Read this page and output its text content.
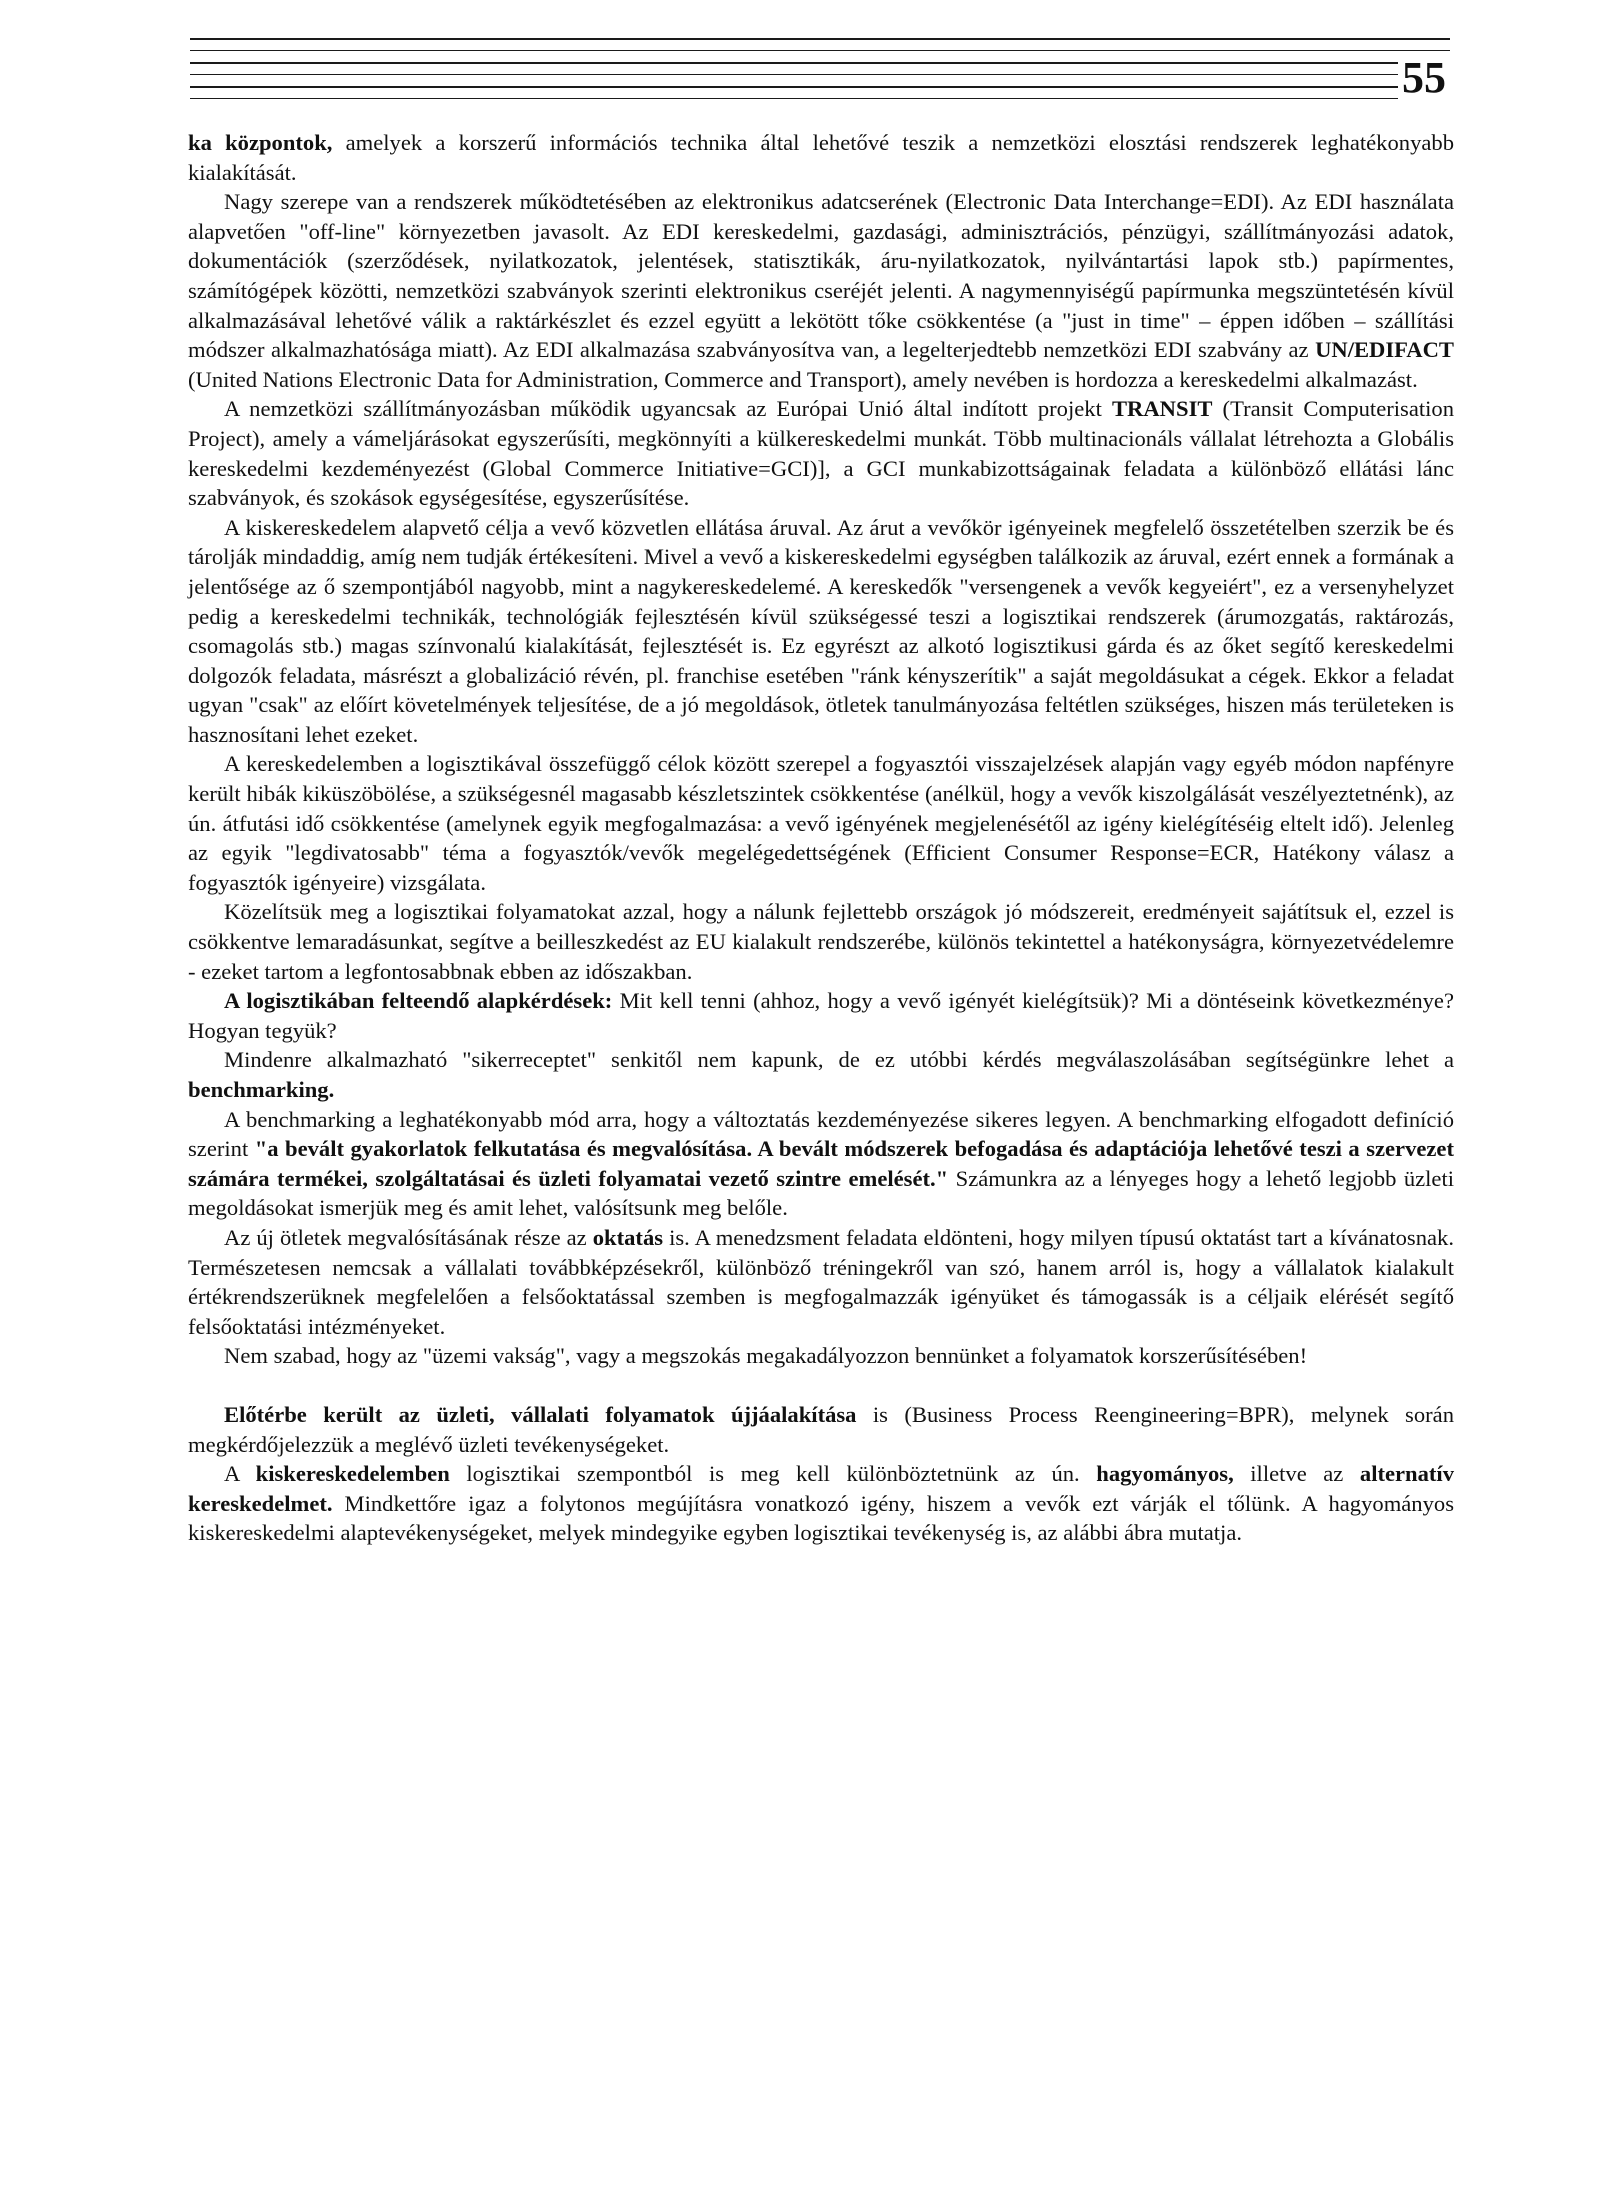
55

ka központok, amelyek a korszerű információs technika által lehetővé teszik a nemzetközi elosztási rendszerek leghatékonyabb kialakítását.

Nagy szerepe van a rendszerek működtetésében az elektronikus adatcserének (Electronic Data Interchange=EDI). Az EDI használata alapvetően "off-line" környezetben javasolt. Az EDI kereskedelmi, gazdasági, adminisztrációs, pénzügyi, szállítmányozási adatok, dokumentációk (szerződések, nyilatkozatok, jelentések, statisztikák, áru-nyilatkozatok, nyilvántartási lapok stb.) papírmentes, számítógépek közötti, nemzetközi szabványok szerinti elektronikus cseréjét jelenti. A nagymennyiségű papírmunka megszüntetésén kívül alkalmazásával lehetővé válik a raktárkészlet és ezzel együtt a lekötött tőke csökkentése (a "just in time" – éppen időben – szállítási módszer alkalmazhatósága miatt). Az EDI alkalmazása szabványosítva van, a legelterjedtebb nemzetközi EDI szabvány az UN/EDIFACT (United Nations Electronic Data for Administration, Commerce and Transport), amely nevében is hordozza a kereskedelmi alkalmazást.

A nemzetközi szállítmányozásban működik ugyancsak az Európai Unió által indított projekt TRANSIT (Transit Computerisation Project), amely a vámeljárásokat egyszerűsíti, megkönnyíti a külkereskedelmi munkát. Több multinacionáls vállalat létrehozta a Globális kereskedelmi kezdeményezést (Global Commerce Initiative=GCI)], a GCI munkabizottságainak feladata a különböző ellátási lánc szabványok, és szokások egységesítése, egyszerűsítése.

A kiskereskedelem alapvető célja a vevő közvetlen ellátása áruval. Az árut a vevőkör igényeinek megfelelő összetételben szerzik be és tárolják mindaddig, amíg nem tudják értékesíteni. Mivel a vevő a kiskereskedelmi egységben találkozik az áruval, ezért ennek a formának a jelentősége az ő szempontjából nagyobb, mint a nagykereskedelemé. A kereskedők "versengenek a vevők kegyeiért", ez a versenyhelyzet pedig a kereskedelmi technikák, technológiák fejlesztésén kívül szükségessé teszi a logisztikai rendszerek (árumozgatás, raktározás, csomagolás stb.) magas színvonalú kialakítását, fejlesztését is. Ez egyrészt az alkotó logisztikusi gárda és az őket segítő kereskedelmi dolgozók feladata, másrészt a globalizáció révén, pl. franchise esetében "ránk kényszerítik" a saját megoldásukat a cégek. Ekkor a feladat ugyan "csak" az előírt követelmények teljesítése, de a jó megoldások, ötletek tanulmányozása feltétlen szükséges, hiszen más területeken is hasznosítani lehet ezeket.

A kereskedelemben a logisztikával összefüggő célok között szerepel a fogyasztói visszajelzések alapján vagy egyéb módon napfényre került hibák kiküszöbölése, a szükségesnél magasabb készletszintek csökkentése (anélkül, hogy a vevők kiszolgálását veszélyeztetnénk), az ún. átfutási idő csökkentése (amelynek egyik megfogalmazása: a vevő igényének megjelenésétől az igény kielégítéséig eltelt idő). Jelenleg az egyik "legdivatosabb" téma a fogyasztók/vevők megelégedettségének (Efficient Consumer Response=ECR, Hatékony válasz a fogyasztók igényeire) vizsgálata.

Közelítsük meg a logisztikai folyamatokat azzal, hogy a nálunk fejlettebb országok jó módszereit, eredményeit sajátítsuk el, ezzel is csökkentve lemaradásunkat, segítve a beilleszkedést az EU kialakult rendszerébe, különös tekintettel a hatékonyságra, környezetvédelemre - ezeket tartom a legfontosabbnak ebben az időszakban.

A logisztikában felteendő alapkérdések: Mit kell tenni (ahhoz, hogy a vevő igényét kielégítsük)? Mi a döntéseink következménye? Hogyan tegyük?

Mindenre alkalmazható "sikerreceptet" senkitől nem kapunk, de ez utóbbi kérdés megválaszolásában segítségünkre lehet a benchmarking.

A benchmarking a leghatékonyabb mód arra, hogy a változtatás kezdeményezése sikeres legyen. A benchmarking elfogadott definíció szerint "a bevált gyakorlatok felkutatása és megvalósítása. A bevált módszerek befogadása és adaptációja lehetővé teszi a szervezet számára termékei, szolgáltatásai és üzleti folyamatai vezető szintre emelését." Számunkra az a lényeges hogy a lehető legjobb üzleti megoldásokat ismerjük meg és amit lehet, valósítsunk meg belőle.

Az új ötletek megvalósításának része az oktatás is. A menedzsment feladata eldönteni, hogy milyen típusú oktatást tart a kívánatosnak. Természetesen nemcsak a vállalati továbbképzésekről, különböző tréningekről van szó, hanem arról is, hogy a vállalatok kialakult értékrendszerüknek megfelelően a felsőoktatással szemben is megfogalmazzák igényüket és támogassák is a céljaik elérését segítő felsőoktatási intézményeket.

Nem szabad, hogy az "üzemi vakság", vagy a megszokás megakadályozzon bennünket a folyamatok korszerűsítésében!

Előtérbe került az üzleti, vállalati folyamatok újjáalakítása is (Business Process Reengineering=BPR), melynek során megkérdőjelezzük a meglévő üzleti tevékenységeket.

A kiskereskedelemben logisztikai szempontból is meg kell különböztetnünk az ún. hagyományos, illetve az alternatív kereskedelmet. Mindkettőre igaz a folytonos megújításra vonatkozó igény, hiszem a vevők ezt várják el tőlünk. A hagyományos kiskereskedelmi alaptevékenységeket, melyek mindegyike egyben logisztikai tevékenység is, az alábbi ábra mutatja.
